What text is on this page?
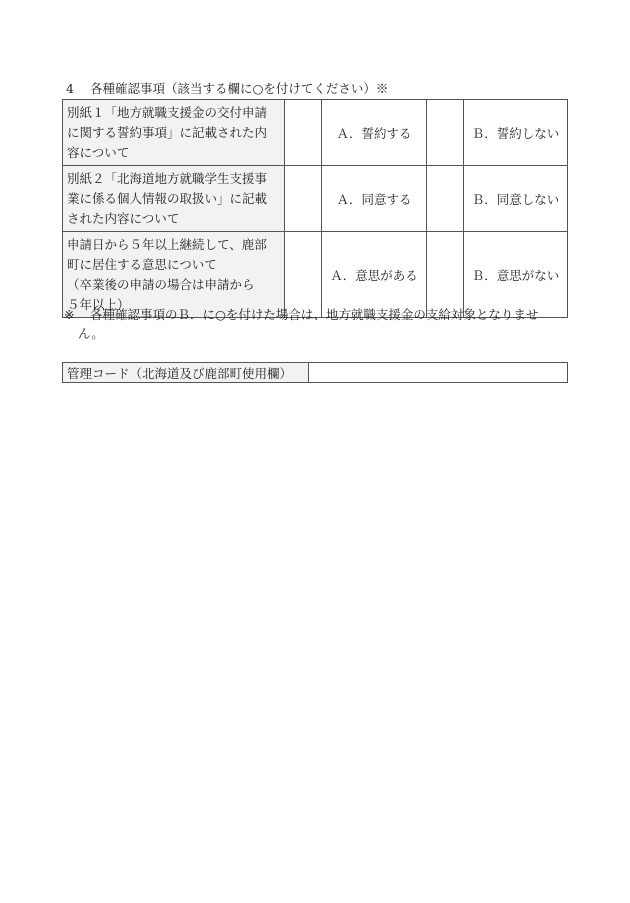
4 各種確認事項（該当する欄に○を付けてください）※
別紙１「地方就職支援金の交付申請
に関する誓約事項」に記載された内
容について		Ａ．誓約する		Ｂ．誓約しない

別紙２「北海道地方就職学生支援事
業に係る個人情報の取扱い」に記載
された内容について		Ａ．同意する		Ｂ．同意しない

申請日から５年以上継続して、鹿部
町に居住する意思について
（卒業後の申請の場合は申請から
５年以上）		Ａ．意思がある		Ｂ．意思がない
※ 各種確認事項のＢ．に○を付けた場合は、地方就職支援金の支給対象となりませ
ん。
管理コード（北海道及び鹿部町使用欄）	
